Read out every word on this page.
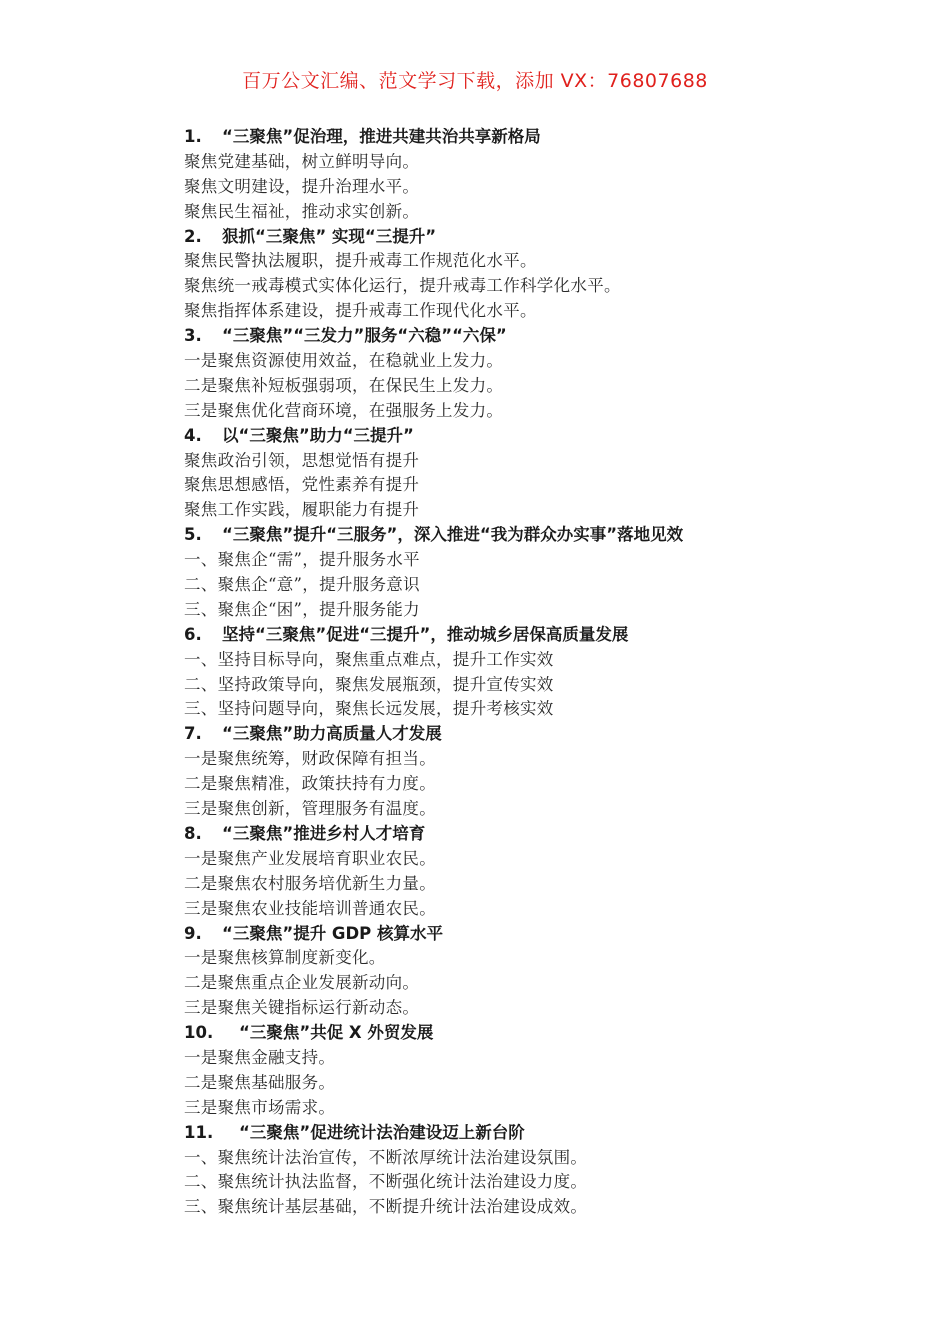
百万公文汇编、范文学习下载，添加 VX：76807688
1. “三聚焦”促治理，推进共建共治共享新格局
聚焦党建基础，树立鲜明导向。
聚焦文明建设，提升治理水平。
聚焦民生福祉，推动求实创新。
2. 狠抓“三聚焦” 实现“三提升”
聚焦民警执法履职，提升戒毒工作规范化水平。
聚焦统一戒毒模式实体化运行，提升戒毒工作科学化水平。
聚焦指挥体系建设，提升戒毒工作现代化水平。
3. “三聚焦”“三发力”服务“六稳”“六保”
一是聚焦资源使用效益，在稳就业上发力。
二是聚焦补短板强弱项，在保民生上发力。
三是聚焦优化营商环境，在强服务上发力。
4. 以“三聚焦”助力“三提升”
聚焦政治引领，思想觉悟有提升
聚焦思想感悟，党性素养有提升
聚焦工作实践，履职能力有提升
5. “三聚焦”提升“三服务”，深入推进“我为群众办实事”落地见效
一、聚焦企“需”，提升服务水平
二、聚焦企“意”，提升服务意识
三、聚焦企“困”，提升服务能力
6. 坚持“三聚焦”促进“三提升”，推动城乡居保高质量发展
一、坚持目标导向，聚焦重点难点，提升工作实效
二、坚持政策导向，聚焦发展瓶颈，提升宣传实效
三、坚持问题导向，聚焦长远发展，提升考核实效
7. “三聚焦”助力高质量人才发展
一是聚焦统筹，财政保障有担当。
二是聚焦精准，政策扶持有力度。
三是聚焦创新，管理服务有温度。
8. “三聚焦”推进乡村人才培育
一是聚焦产业发展培育职业农民。
二是聚焦农村服务培优新生力量。
三是聚焦农业技能培训普通农民。
9. “三聚焦”提升 GDP 核算水平
一是聚焦核算制度新变化。
二是聚焦重点企业发展新动向。
三是聚焦关键指标运行新动态。
10. “三聚焦”共促 X 外贸发展
一是聚焦金融支持。
二是聚焦基础服务。
三是聚焦市场需求。
11. “三聚焦”促进统计法治建设迈上新台阶
一、聚焦统计法治宣传，不断浓厚统计法治建设氛围。
二、聚焦统计执法监督，不断强化统计法治建设力度。
三、聚焦统计基层基础，不断提升统计法治建设成效。
